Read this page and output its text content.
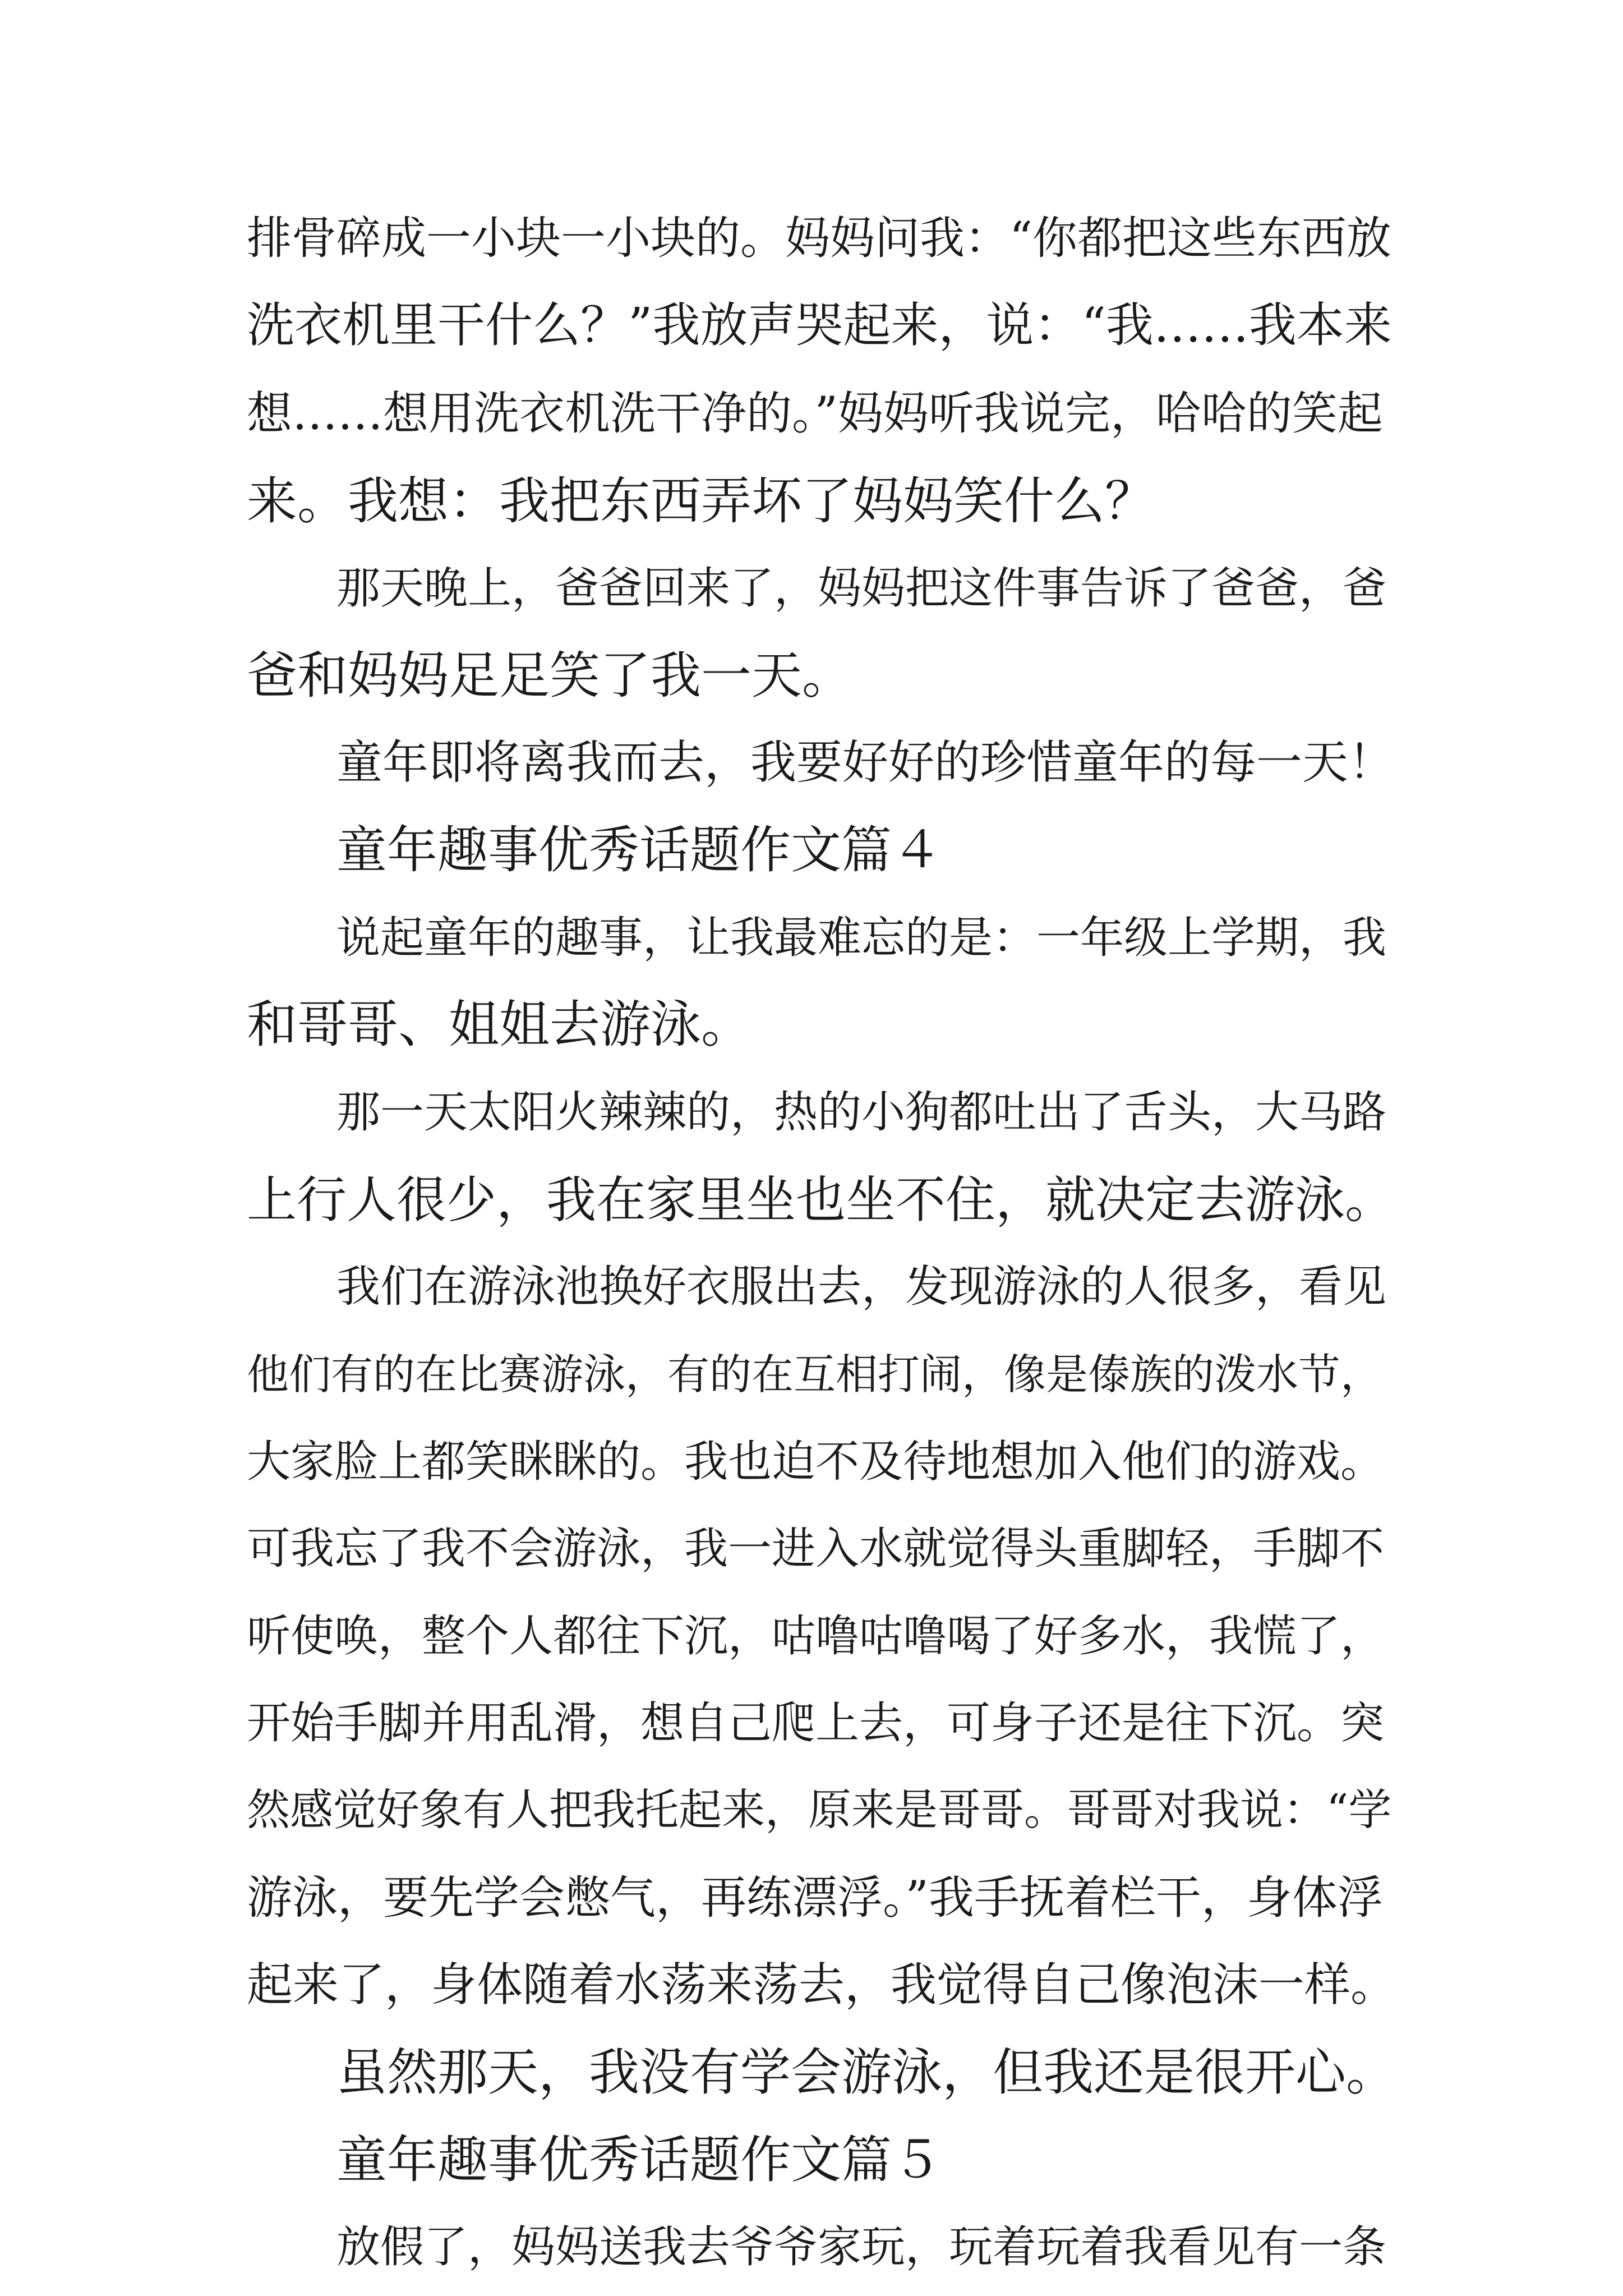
排骨碎成一小块一小块的。妈妈问我：“你都把这些东西放
洗衣机里干什么？”我放声哭起来，说：“我……我本来
想……想用洗衣机洗干净的。”妈妈听我说完，哈哈的笑起
来。我想：我把东西弄坏了妈妈笑什么？
那天晚上，爸爸回来了，妈妈把这件事告诉了爸爸，爸
爸和妈妈足足笑了我一天。
童年即将离我而去，我要好好的珍惜童年的每一天！
童年趣事优秀话题作文篇４
说起童年的趣事，让我最难忘的是：一年级上学期，我
和哥哥、姐姐去游泳。
那一天太阳火辣辣的，热的小狗都吐出了舌头，大马路
上行人很少，我在家里坐也坐不住，就决定去游泳。
我们在游泳池换好衣服出去，发现游泳的人很多，看见
他们有的在比赛游泳，有的在互相打闹，像是傣族的泼水节，
大家脸上都笑眯眯的。我也迫不及待地想加入他们的游戏。
可我忘了我不会游泳，我一进入水就觉得头重脚轻，手脚不
听使唤，整个人都往下沉，咕噜咕噜喝了好多水，我慌了，
开始手脚并用乱滑，想自己爬上去，可身子还是往下沉。突
然感觉好象有人把我托起来，原来是哥哥。哥哥对我说：“学
游泳，要先学会憋气，再练漂浮。”我手抚着栏干，身体浮
起来了，身体随着水荡来荡去，我觉得自己像泡沫一样。
虽然那天，我没有学会游泳，但我还是很开心。
童年趣事优秀话题作文篇５
放假了，妈妈送我去爷爷家玩，玩着玩着我看见有一条
